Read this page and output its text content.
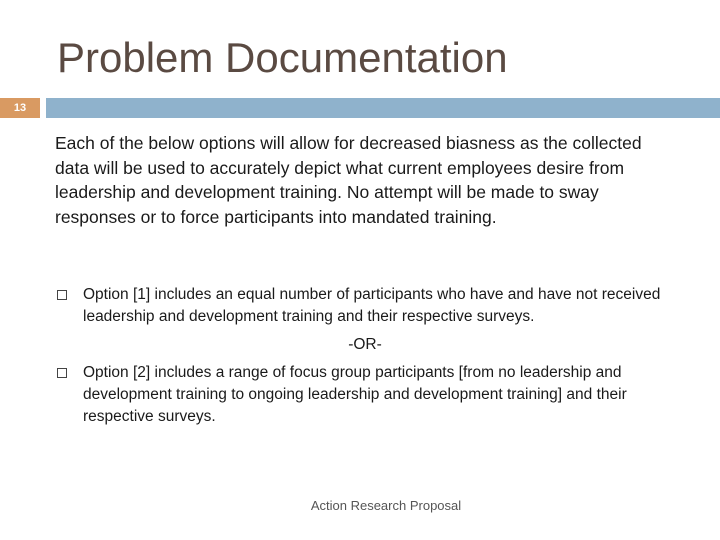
Problem Documentation
13
Each of the below options will allow for decreased biasness as the collected data will be used to accurately depict what current employees desire from leadership and development training. No attempt will be made to sway responses or to force participants into mandated training.
Option [1] includes an equal number of participants who have and have not received leadership and development training and their respective surveys.
-OR-
Option [2] includes a range of focus group participants [from no leadership and development training to ongoing leadership and development training] and their respective surveys.
Action Research Proposal
